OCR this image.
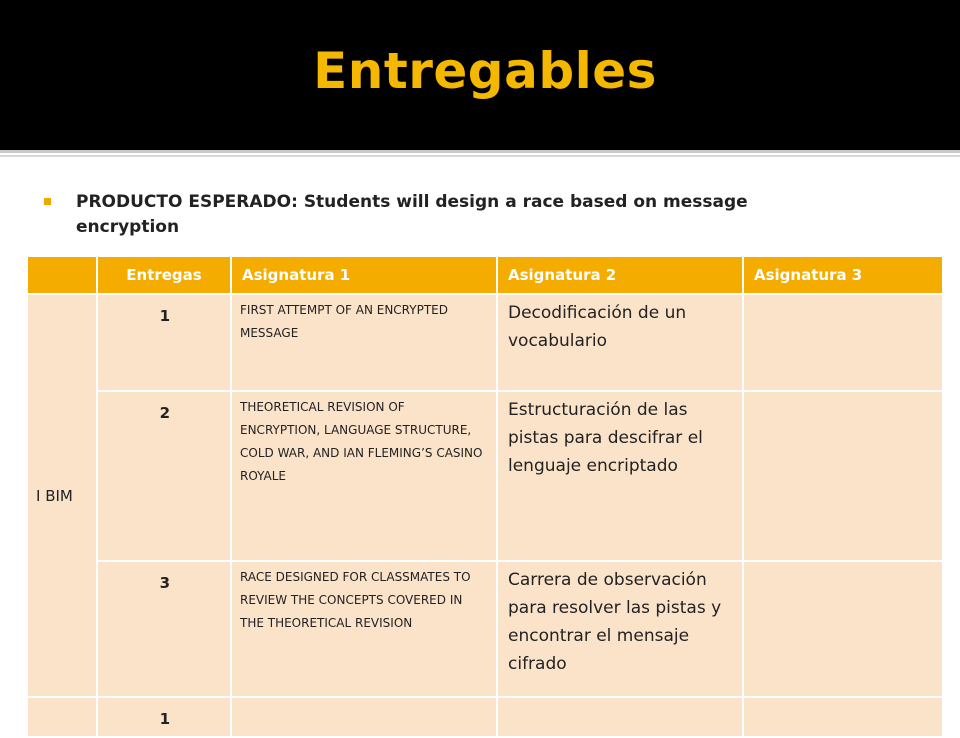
Entregables
PRODUCTO ESPERADO: Students will design a race based on message encryption
	Entregas	Asignatura 1	Asignatura 2	Asignatura 3
I BIM	1	FIRST ATTEMPT OF AN ENCRYPTED MESSAGE	Decodificación de un vocabulario	
	2	THEORETICAL REVISION OF ENCRYPTION, LANGUAGE STRUCTURE, COLD WAR, AND IAN FLEMING’S CASINO ROYALE	Estructuración de las pistas para descifrar el lenguaje encriptado	
	3	RACE DESIGNED FOR CLASSMATES TO REVIEW THE CONCEPTS COVERED IN THE THEORETICAL REVISION	Carrera de observación para resolver las pistas y encontrar el mensaje cifrado	
	1			
